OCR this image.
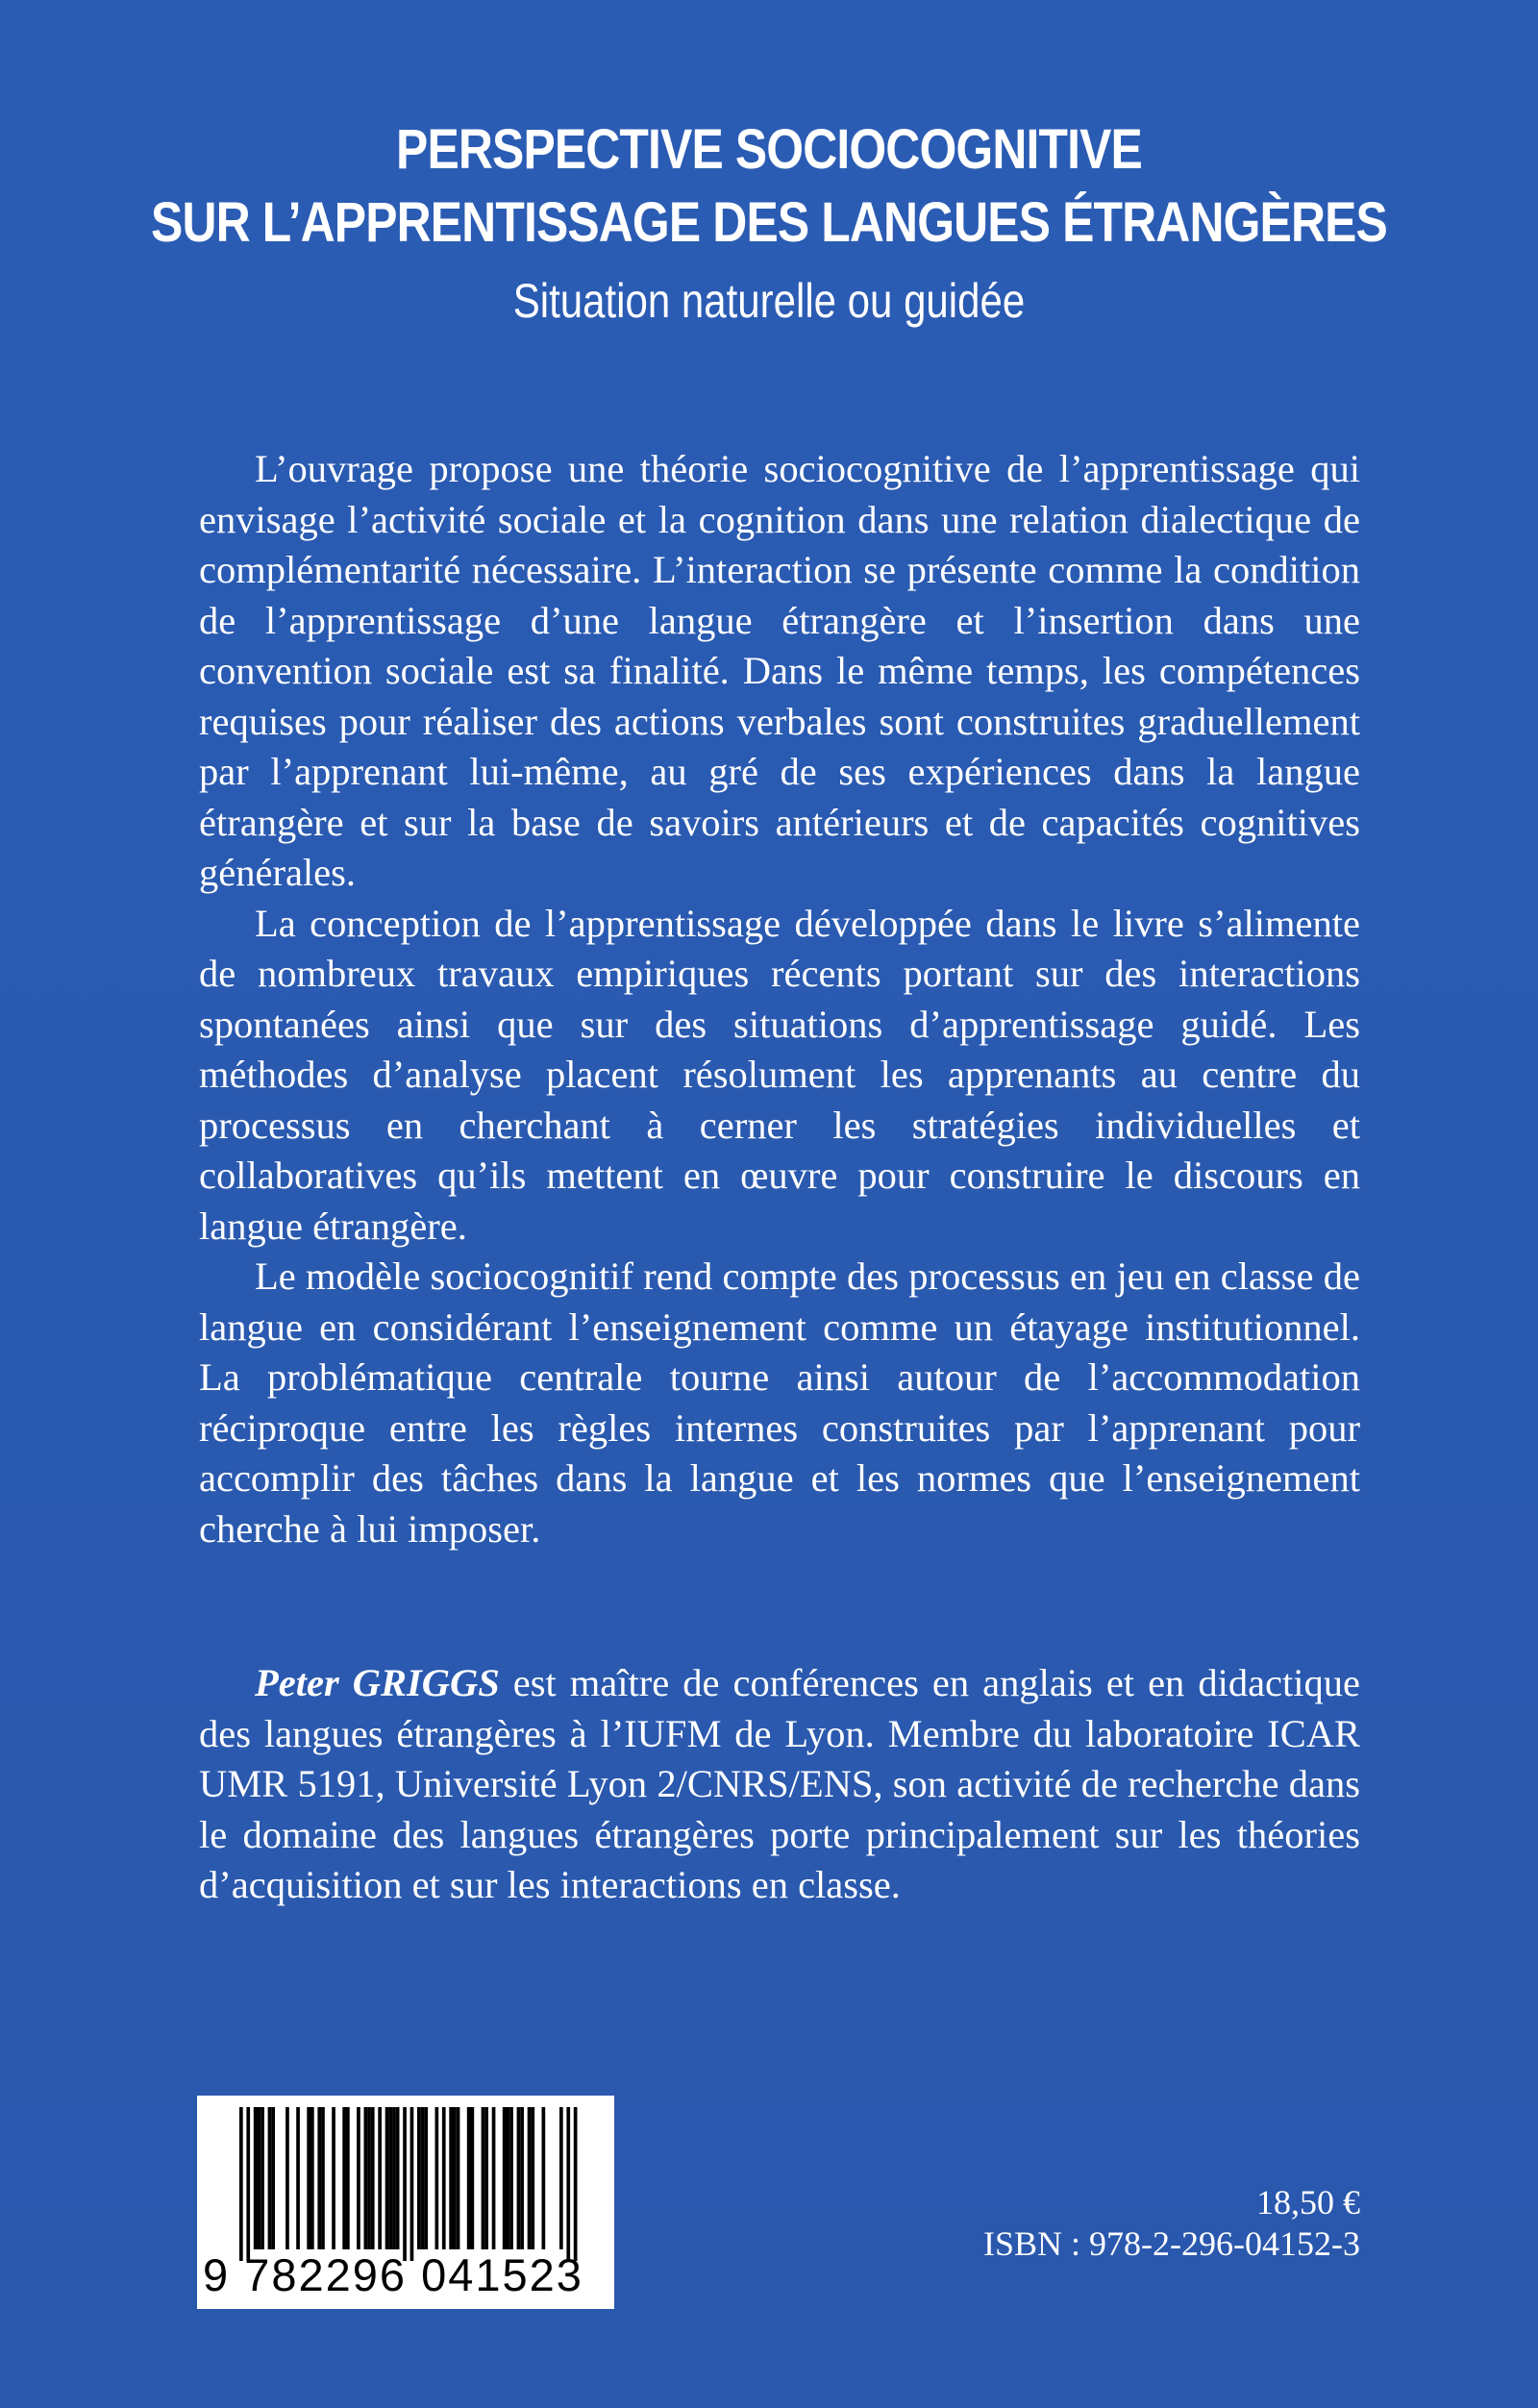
PERSPECTIVE SOCIOCOGNITIVE
SUR L’APPRENTISSAGE DES LANGUES ÉTRANGÈRES
Situation naturelle ou guidée

L’ouvrage propose une théorie sociocognitive de l’apprentissage qui envisage l’activité sociale et la cognition dans une relation dialectique de complémentarité nécessaire. L’interaction se présente comme la condition de l’apprentissage d’une langue étrangère et l’insertion dans une convention sociale est sa finalité. Dans le même temps, les compétences requises pour réaliser des actions verbales sont construites graduellement par l’apprenant lui-même, au gré de ses expériences dans la langue étrangère et sur la base de savoirs antérieurs et de capacités cognitives générales.

La conception de l’apprentissage développée dans le livre s’alimente de nombreux travaux empiriques récents portant sur des interactions spontanées ainsi que sur des situations d’apprentissage guidé. Les méthodes d’analyse placent résolument les apprenants au centre du processus en cherchant à cerner les stratégies individuelles et collaboratives qu’ils mettent en œuvre pour construire le discours en langue étrangère.

Le modèle sociocognitif rend compte des processus en jeu en classe de langue en considérant l’enseignement comme un étayage institutionnel. La problématique centrale tourne ainsi autour de l’accommodation réciproque entre les règles internes construites par l’apprenant pour accomplir des tâches dans la langue et les normes que l’enseignement cherche à lui imposer.

Peter GRIGGS est maître de conférences en anglais et en didactique des langues étrangères à l’IUFM de Lyon. Membre du laboratoire ICAR UMR 5191, Université Lyon 2/CNRS/ENS, son activité de recherche dans le domaine des langues étrangères porte principalement sur les théories d’acquisition et sur les interactions en classe.

9 782296 041523
18,50 €
ISBN : 978-2-296-04152-3
